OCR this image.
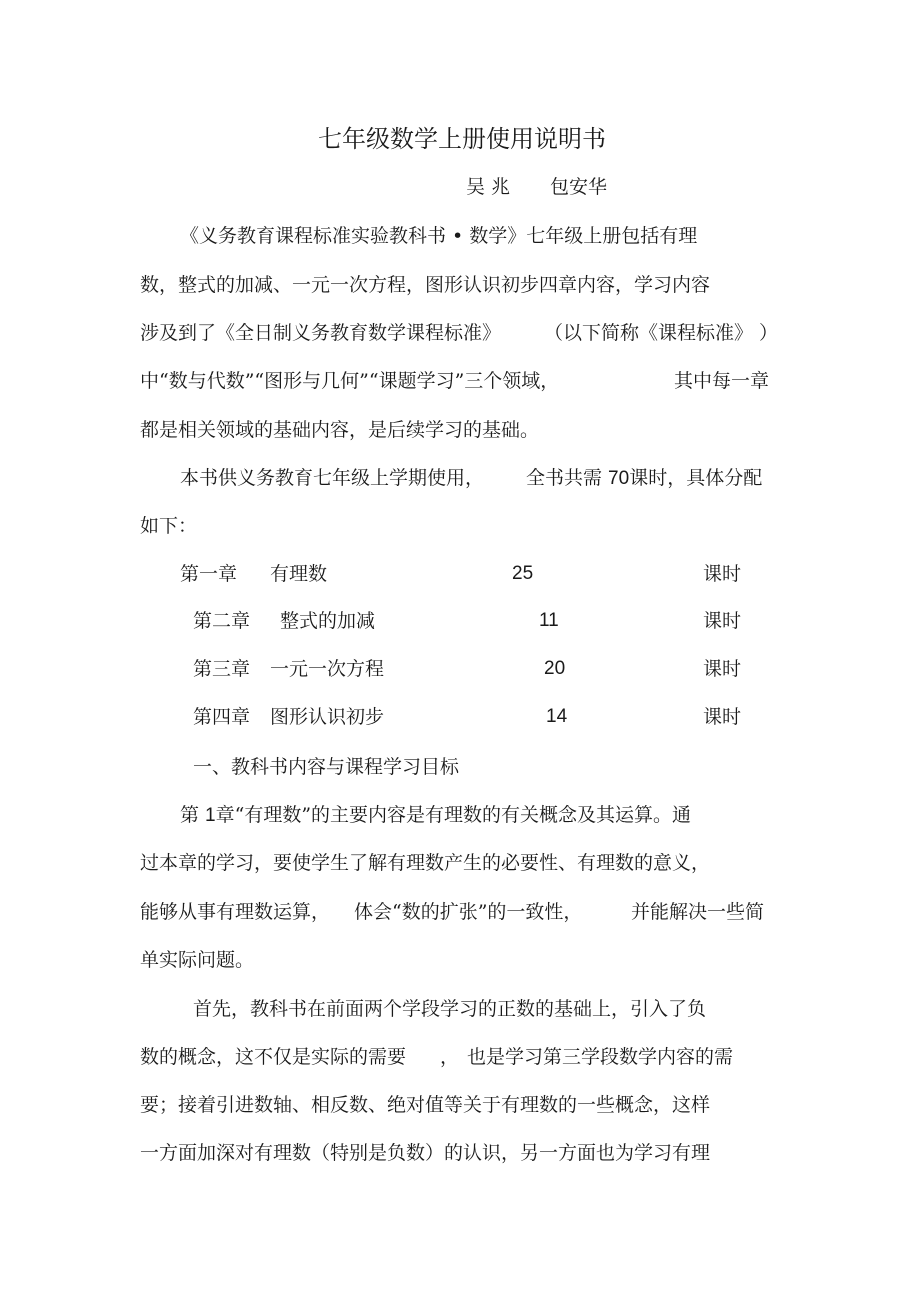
七年级数学上册使用说明书
吴 兆 包安华
《义务教育课程标准实验教科书 • 数学》七年级上册包括有理
数，整式的加减、一元一次方程，图形认识初步四章内容，学习内容
涉及到了《全日制义务教育数学课程标准》 （以下简称《课程标准》 ）
中“数与代数”“图形与几何”“课题学习”三个领域，	其中每一章
都是相关领域的基础内容，是后续学习的基础。
本书供义务教育七年级上学期使用， 全书共需 70课时，具体分配
如下：
第一章 有理数	25	课时
第二章 整式的加减	11	课时
第三章 一元一次方程	20	课时
第四章 图形认识初步	14	课时
一、教科书内容与课程学习目标
第 1章“有理数”的主要内容是有理数的有关概念及其运算。通
过本章的学习，要使学生了解有理数产生的必要性、有理数的意义，
能够从事有理数运算， 体会“数的扩张”的一致性，	并能解决一些简
单实际问题。
首先，教科书在前面两个学段学习的正数的基础上，引入了负
数的概念，这不仅是实际的需要 ， 也是学习第三学段数学内容的需
要；接着引进数轴、相反数、绝对值等关于有理数的一些概念，这样
一方面加深对有理数（特别是负数）的认识，另一方面也为学习有理
